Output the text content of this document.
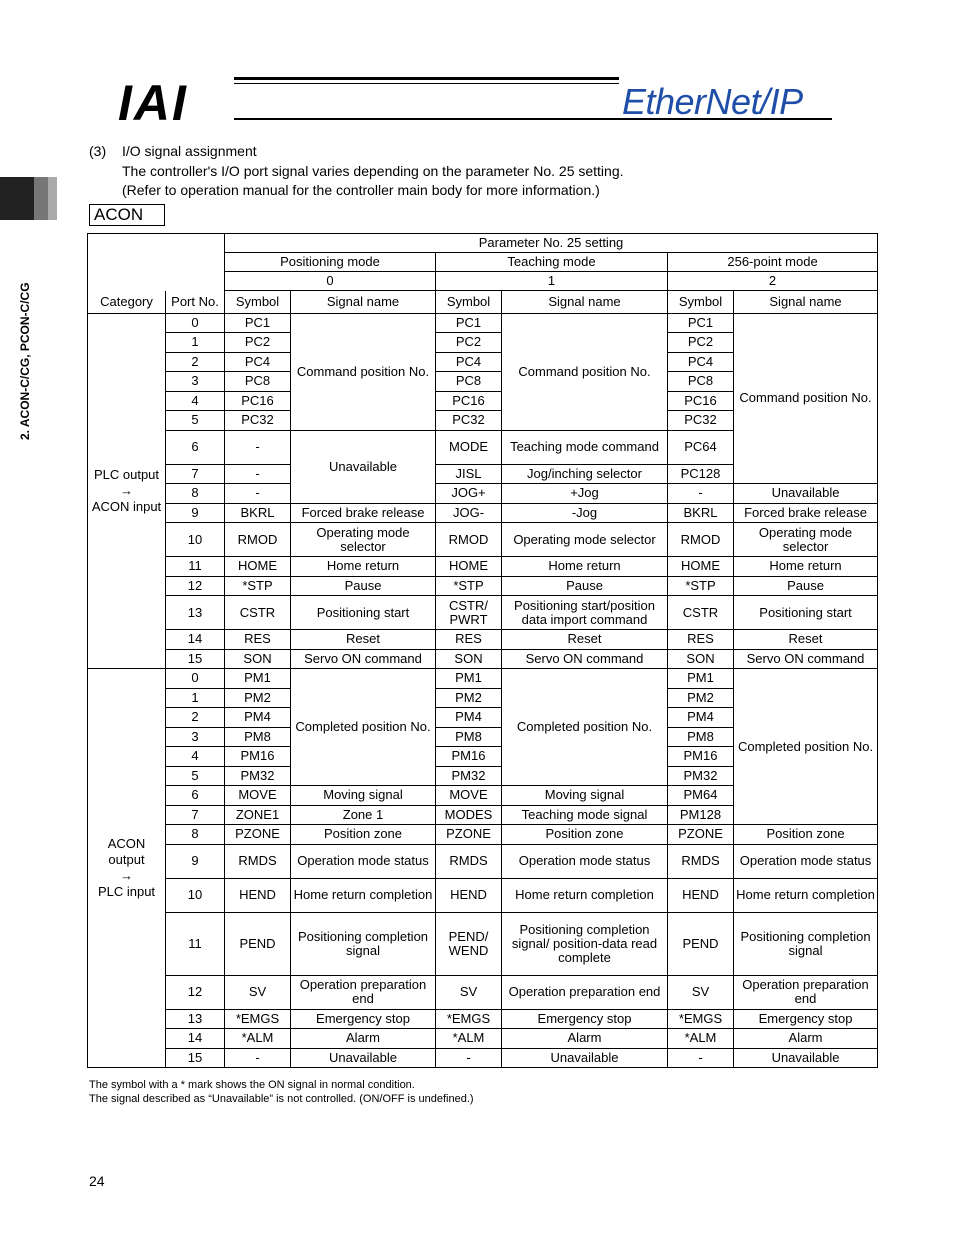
IAI	EtherNet/IP
2. ACON-C/CG, PCON-C/CG
(3) I/O signal assignment
The controller's I/O port signal varies depending on the parameter No. 25 setting.
(Refer to operation manual for the controller main body for more information.)
ACON
		Parameter No. 25 setting					
		Positioning mode		Teaching mode		256-point mode	
		0		1		2	
Category	Port No.	Symbol	Signal name	Symbol	Signal name	Symbol	Signal name

PLC output
→
ACON input	0	PC1	Command position No.	PC1	Command position No.	PC1	Command position No.
	1	PC2		PC2		PC2	
	2	PC4		PC4		PC4	
	3	PC8		PC8		PC8	
	4	PC16		PC16		PC16	
	5	PC32		PC32		PC32	
	6	-	Unavailable	MODE	Teaching mode command	PC64	
	7	-		JISL	Jog/inching selector	PC128	
	8	-		JOG+	+Jog	-	Unavailable
	9	BKRL	Forced brake release	JOG-	-Jog	BKRL	Forced brake release
	10	RMOD	Operating mode selector	RMOD	Operating mode selector	RMOD	Operating mode selector
	11	HOME	Home return	HOME	Home return	HOME	Home return
	12	*STP	Pause	*STP	Pause	*STP	Pause
	13	CSTR	Positioning start	CSTR/ PWRT	Positioning start/position data import command	CSTR	Positioning start
	14	RES	Reset	RES	Reset	RES	Reset
	15	SON	Servo ON command	SON	Servo ON command	SON	Servo ON command

ACON
output
→
PLC input	0	PM1	Completed position No.	PM1	Completed position No.	PM1	Completed position No.
	1	PM2		PM2		PM2	
	2	PM4		PM4		PM4	
	3	PM8		PM8		PM8	
	4	PM16		PM16		PM16	
	5	PM32		PM32		PM32	
	6	MOVE	Moving signal	MOVE	Moving signal	PM64	
	7	ZONE1	Zone 1	MODES	Teaching mode signal	PM128	
	8	PZONE	Position zone	PZONE	Position zone	PZONE	Position zone
	9	RMDS	Operation mode status	RMDS	Operation mode status	RMDS	Operation mode status
	10	HEND	Home return completion	HEND	Home return completion	HEND	Home return completion
	11	PEND	Positioning completion signal	PEND/ WEND	Positioning completion signal/ position-data read complete	PEND	Positioning completion signal
	12	SV	Operation preparation end	SV	Operation preparation end	SV	Operation preparation end
	13	*EMGS	Emergency stop	*EMGS	Emergency stop	*EMGS	Emergency stop
	14	*ALM	Alarm	*ALM	Alarm	*ALM	Alarm
	15	-	Unavailable	-	Unavailable	-	Unavailable
The symbol with a * mark shows the ON signal in normal condition.
The signal described as “Unavailable” is not controlled. (ON/OFF is undefined.)
24
